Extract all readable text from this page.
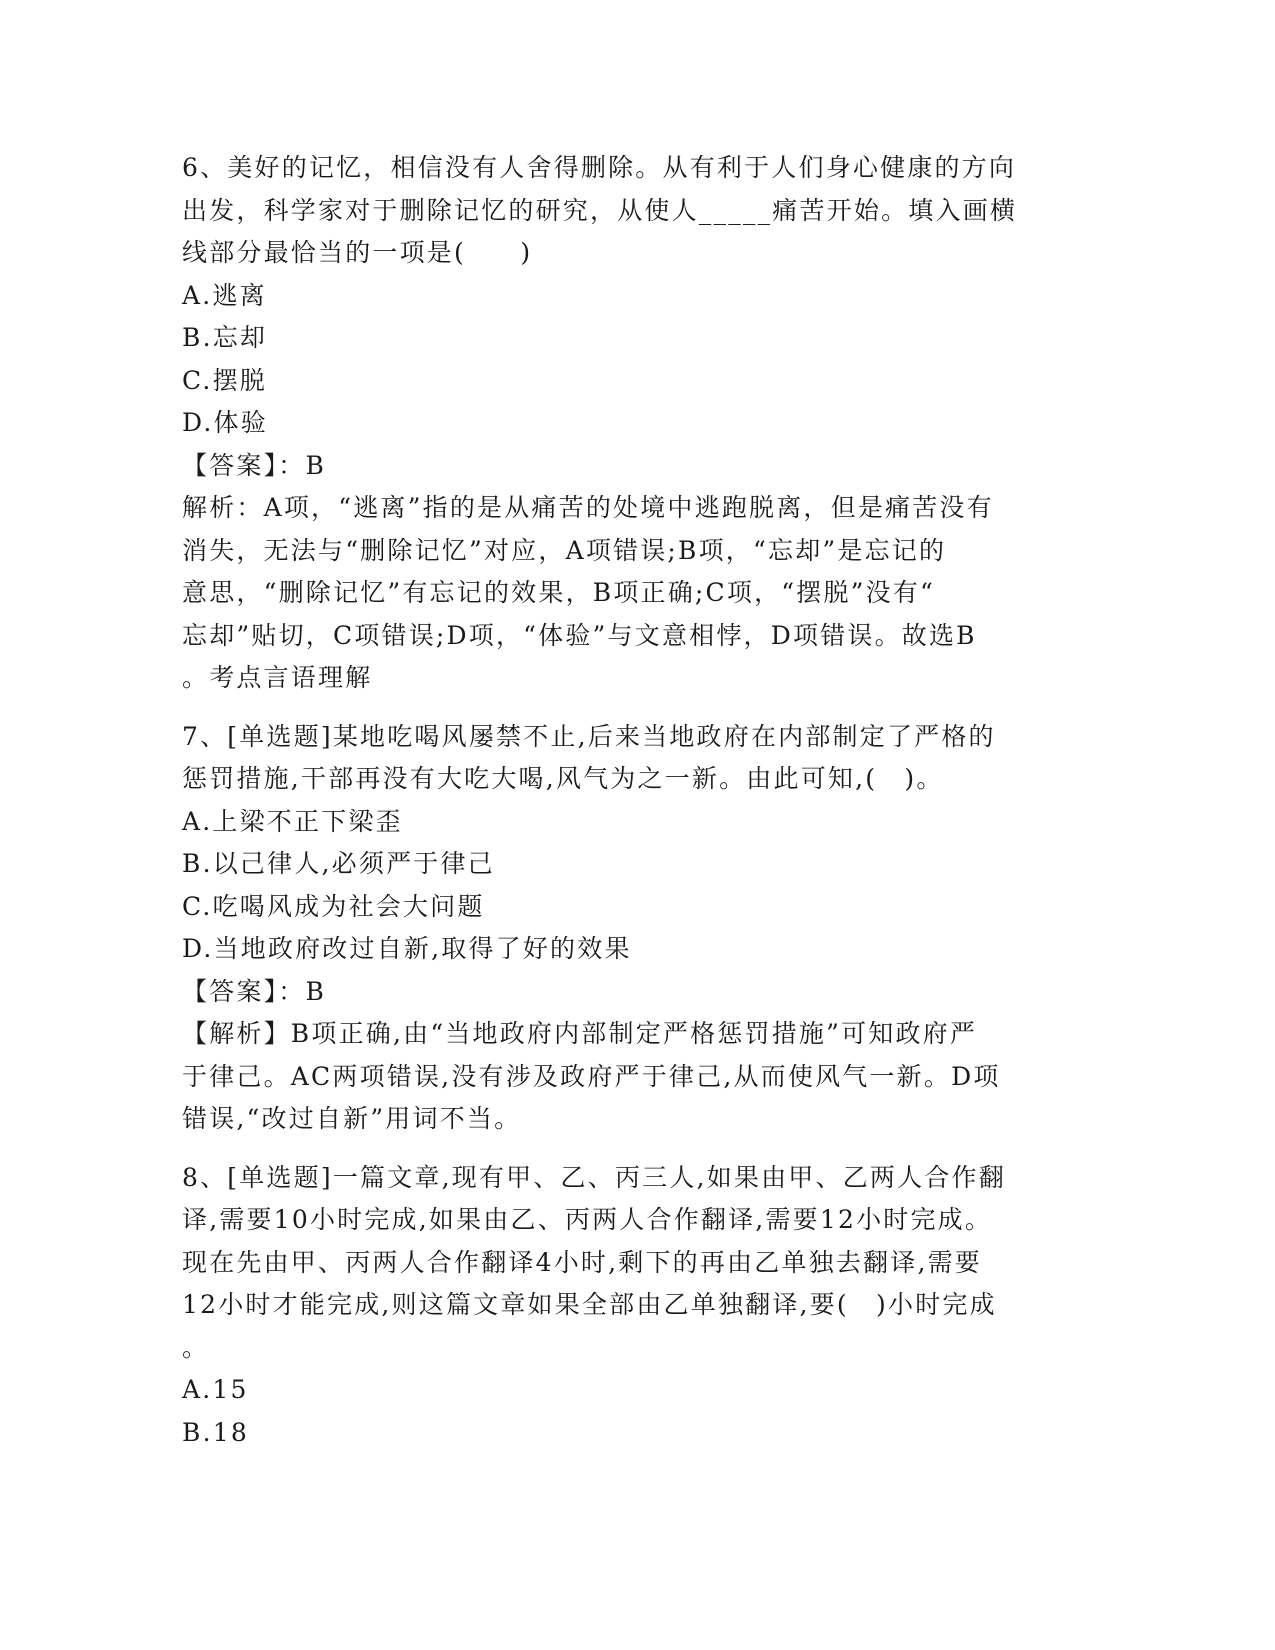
6、美好的记忆，相信没有人舍得删除。从有利于人们身心健康的方向
出发，科学家对于删除记忆的研究，从使人_____痛苦开始。填入画横
线部分最恰当的一项是(　　)
A.逃离
B.忘却
C.摆脱
D.体验
【答案】：B
解析：A项，“逃离”指的是从痛苦的处境中逃跑脱离，但是痛苦没有
消失，无法与“删除记忆”对应，A项错误;B项，“忘却”是忘记的
意思，“删除记忆”有忘记的效果，B项正确;C项，“摆脱”没有“
忘却”贴切，C项错误;D项，“体验”与文意相悖，D项错误。故选B
。考点言语理解
7、[单选题]某地吃喝风屡禁不止,后来当地政府在内部制定了严格的
惩罚措施,干部再没有大吃大喝,风气为之一新。由此可知,(　)。
A.上梁不正下梁歪
B.以己律人,必须严于律己
C.吃喝风成为社会大问题
D.当地政府改过自新,取得了好的效果
【答案】：B
【解析】B项正确,由“当地政府内部制定严格惩罚措施”可知政府严
于律己。AC两项错误,没有涉及政府严于律己,从而使风气一新。D项
错误,“改过自新”用词不当。
8、[单选题]一篇文章,现有甲、乙、丙三人,如果由甲、乙两人合作翻
译,需要10小时完成,如果由乙、丙两人合作翻译,需要12小时完成。
现在先由甲、丙两人合作翻译4小时,剩下的再由乙单独去翻译,需要
12小时才能完成,则这篇文章如果全部由乙单独翻译,要(　)小时完成
。
A.15
B.18
